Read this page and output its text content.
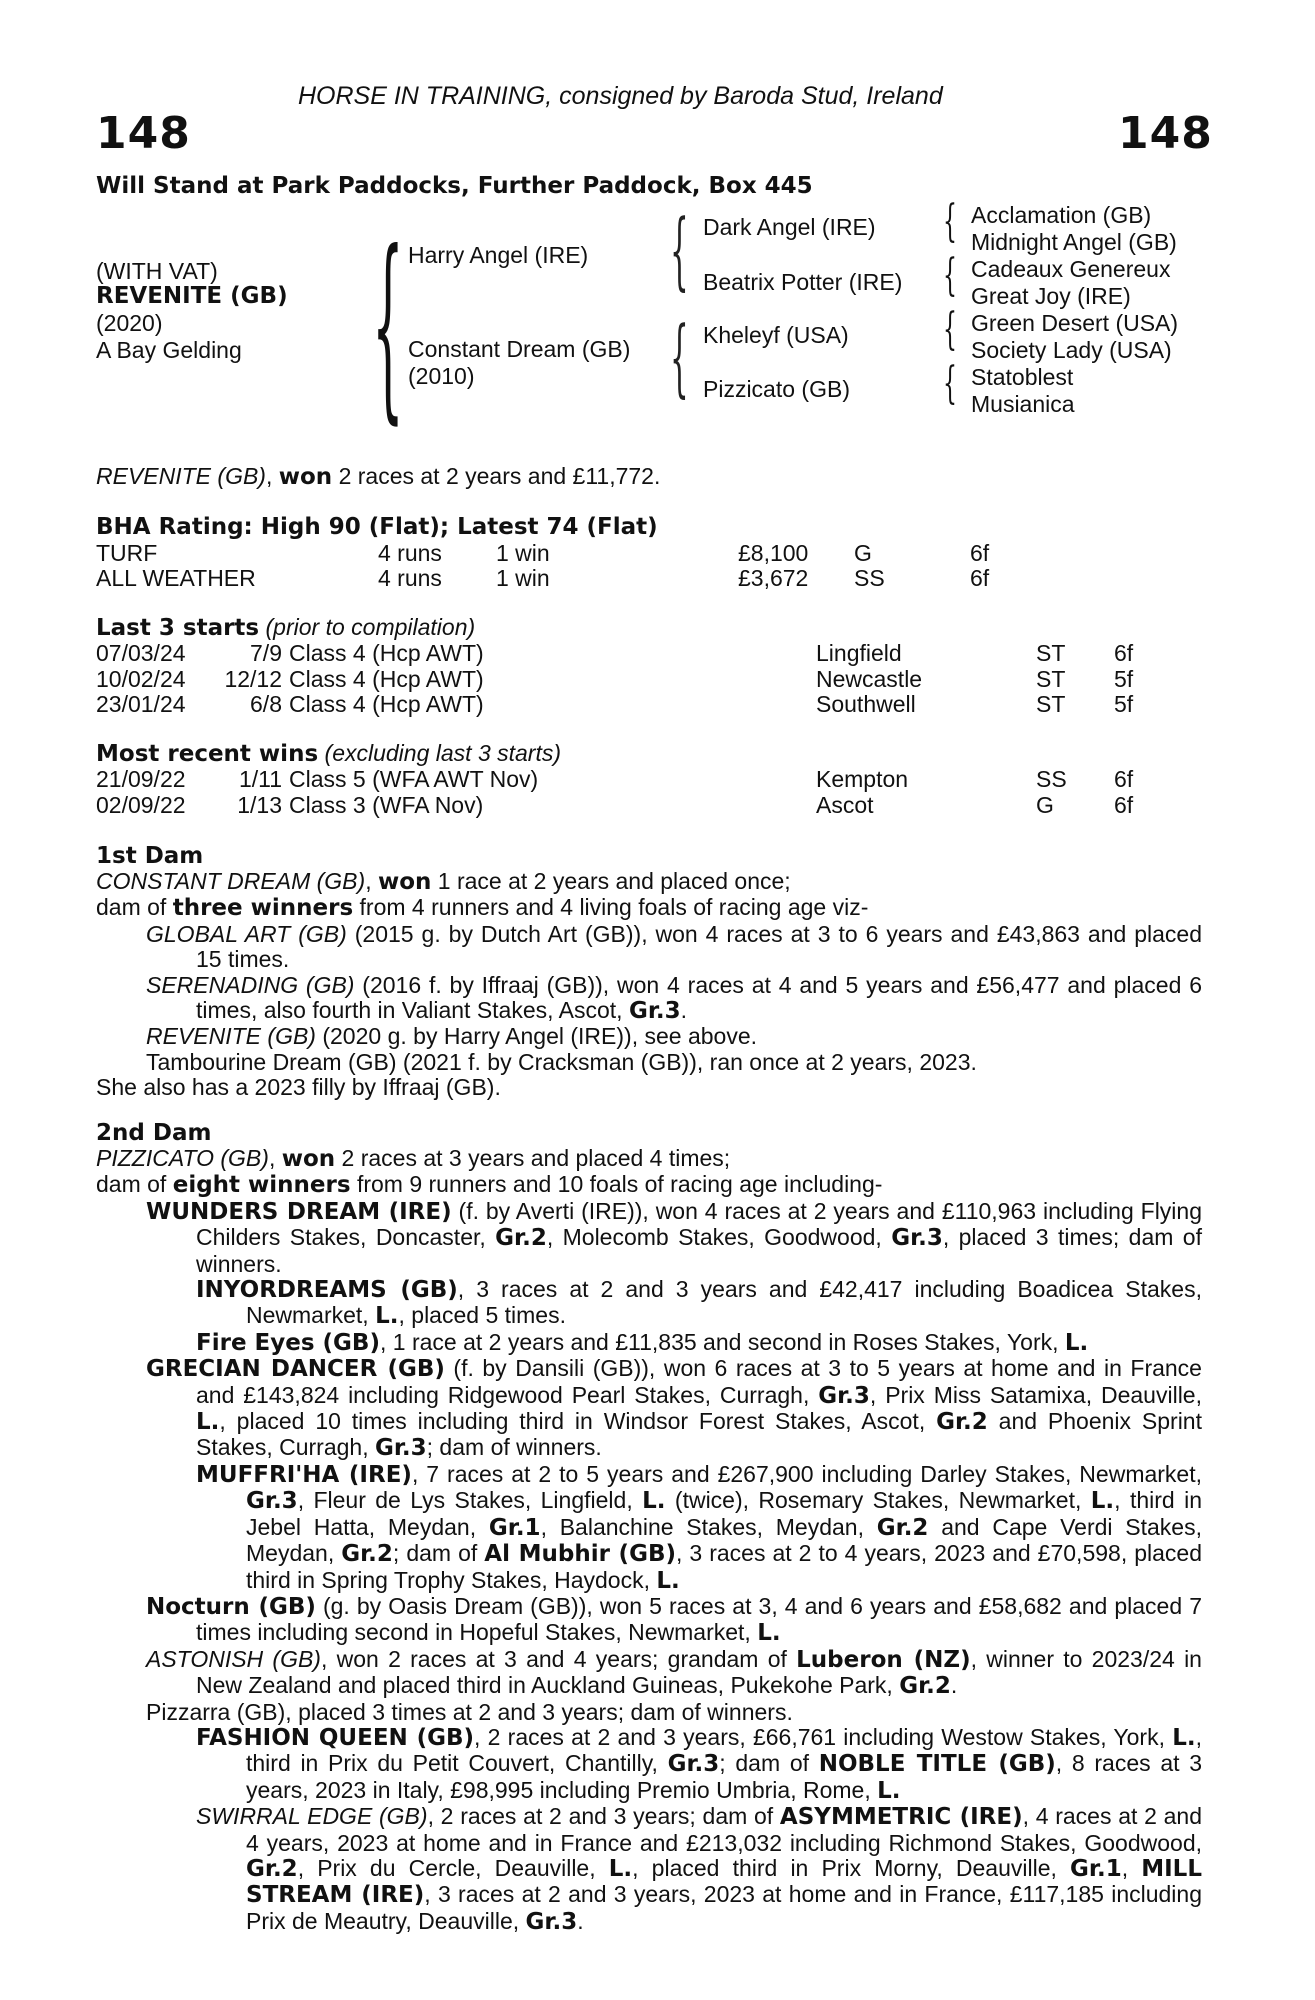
HORSE IN TRAINING, consigned by Baroda Stud, Ireland
148	148
Will Stand at Park Paddocks, Further Paddock, Box 445
(WITH VAT)
REVENITE (GB)
(2020)
A Bay Gelding { Harry Angel (IRE)
Constant Dream (GB)
(2010)
{ Dark Angel (IRE)
Beatrix Potter (IRE)
{ Kheleyf (USA)
Pizzicato (GB)
{ Acclamation (GB)
Midnight Angel (GB)
{ Cadeaux Genereux
Great Joy (IRE)
{ Green Desert (USA)
Society Lady (USA)
{ Statoblest
Musianica
REVENITE (GB), won 2 races at 2 years and £11,772.
BHA Rating: High 90 (Flat); Latest 74 (Flat)
TURF	4 runs 1 win	£8,100 G	6f
ALL WEATHER	4 runs 1 win	£3,672 SS	6f
Last 3 starts (prior to compilation)
07/03/24	7/9 Class 4 (Hcp AWT)	Lingfield	ST 6f
10/02/24 12/12 Class 4 (Hcp AWT)	Newcastle	ST 5f
23/01/24	6/8 Class 4 (Hcp AWT)	Southwell	ST 5f
Most recent wins (excluding last 3 starts)
21/09/22 1/11 Class 5 (WFA AWT Nov)	Kempton	SS 6f
02/09/22 1/13 Class 3 (WFA Nov)	Ascot	G	6f
1st Dam

CONSTANT DREAM (GB), won 1 race at 2 years and placed once;

dam of three winners from 4 runners and 4 living foals of racing age viz-

GLOBAL ART (GB) (2015 g. by Dutch Art (GB)), won 4 races at 3 to 6 years and £43,863 and placed 15 times.

SERENADING (GB) (2016 f. by Iffraaj (GB)), won 4 races at 4 and 5 years and £56,477 and placed 6 times, also fourth in Valiant Stakes, Ascot, Gr.3.

REVENITE (GB) (2020 g. by Harry Angel (IRE)), see above.

Tambourine Dream (GB) (2021 f. by Cracksman (GB)), ran once at 2 years, 2023.

She also has a 2023 filly by Iffraaj (GB).

2nd Dam

PIZZICATO (GB), won 2 races at 3 years and placed 4 times;

dam of eight winners from 9 runners and 10 foals of racing age including-

WUNDERS DREAM (IRE) (f. by Averti (IRE)), won 4 races at 2 years and £110,963 including Flying Childers Stakes, Doncaster, Gr.2, Molecomb Stakes, Goodwood, Gr.3, placed 3 times; dam of winners.

INYORDREAMS (GB), 3 races at 2 and 3 years and £42,417 including Boadicea Stakes, Newmarket, L., placed 5 times.

Fire Eyes (GB), 1 race at 2 years and £11,835 and second in Roses Stakes, York, L.

GRECIAN DANCER (GB) (f. by Dansili (GB)), won 6 races at 3 to 5 years at home and in France and £143,824 including Ridgewood Pearl Stakes, Curragh, Gr.3, Prix Miss Satamixa, Deauville, L., placed 10 times including third in Windsor Forest Stakes, Ascot, Gr.2 and Phoenix Sprint Stakes, Curragh, Gr.3; dam of winners.

MUFFRI'HA (IRE), 7 races at 2 to 5 years and £267,900 including Darley Stakes, Newmarket, Gr.3, Fleur de Lys Stakes, Lingfield, L. (twice), Rosemary Stakes, Newmarket, L., third in Jebel Hatta, Meydan, Gr.1, Balanchine Stakes, Meydan, Gr.2 and Cape Verdi Stakes, Meydan, Gr.2; dam of Al Mubhir (GB), 3 races at 2 to 4 years, 2023 and £70,598, placed third in Spring Trophy Stakes, Haydock, L.

Nocturn (GB) (g. by Oasis Dream (GB)), won 5 races at 3, 4 and 6 years and £58,682 and placed 7 times including second in Hopeful Stakes, Newmarket, L.

ASTONISH (GB), won 2 races at 3 and 4 years; grandam of Luberon (NZ), winner to 2023/24 in New Zealand and placed third in Auckland Guineas, Pukekohe Park, Gr.2.

Pizzarra (GB), placed 3 times at 2 and 3 years; dam of winners.

FASHION QUEEN (GB), 2 races at 2 and 3 years, £66,761 including Westow Stakes, York, L., third in Prix du Petit Couvert, Chantilly, Gr.3; dam of NOBLE TITLE (GB), 8 races at 3 years, 2023 in Italy, £98,995 including Premio Umbria, Rome, L.

SWIRRAL EDGE (GB), 2 races at 2 and 3 years; dam of ASYMMETRIC (IRE), 4 races at 2 and 4 years, 2023 at home and in France and £213,032 including Richmond Stakes, Goodwood, Gr.2, Prix du Cercle, Deauville, L., placed third in Prix Morny, Deauville, Gr.1, MILL STREAM (IRE), 3 races at 2 and 3 years, 2023 at home and in France, £117,185 including Prix de Meautry, Deauville, Gr.3.
